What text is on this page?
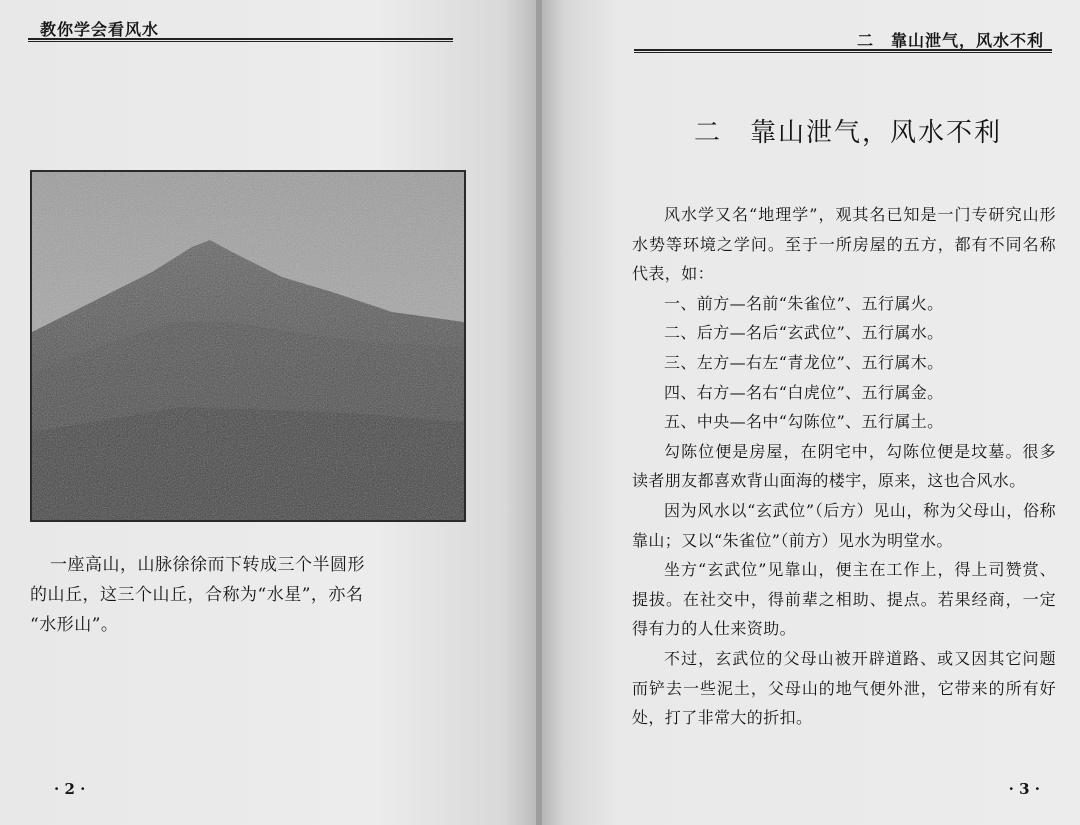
教你学会看风水

一座高山，山脉徐徐而下转成三个半圆形

的山丘，这三个山丘，合称为“水星”，亦名

“水形山”。

· 2 ·
二　靠山泄气，风水不利
二　靠山泄气，风水不利

风水学又名“地理学”，观其名已知是一门专研究山形水势等环境之学问。至于一所房屋的五方，都有不同名称代表，如：

一、前方—名前“朱雀位”、五行属火。

二、后方—名后“玄武位”、五行属水。

三、左方—右左“青龙位”、五行属木。

四、右方—名右“白虎位”、五行属金。

五、中央—名中“勾陈位”、五行属土。

勾陈位便是房屋，在阴宅中，勾陈位便是坟墓。很多读者朋友都喜欢背山面海的楼宇，原来，这也合风水。

因为风水以“玄武位”（后方）见山，称为父母山，俗称靠山；又以“朱雀位”（前方）见水为明堂水。

坐方“玄武位”见靠山，便主在工作上，得上司赞赏、提拔。在社交中，得前辈之相助、提点。若果经商，一定得有力的人仕来资助。

不过，玄武位的父母山被开辟道路、或又因其它问题而铲去一些泥土，父母山的地气便外泄，它带来的所有好处，打了非常大的折扣。

· 3 ·
